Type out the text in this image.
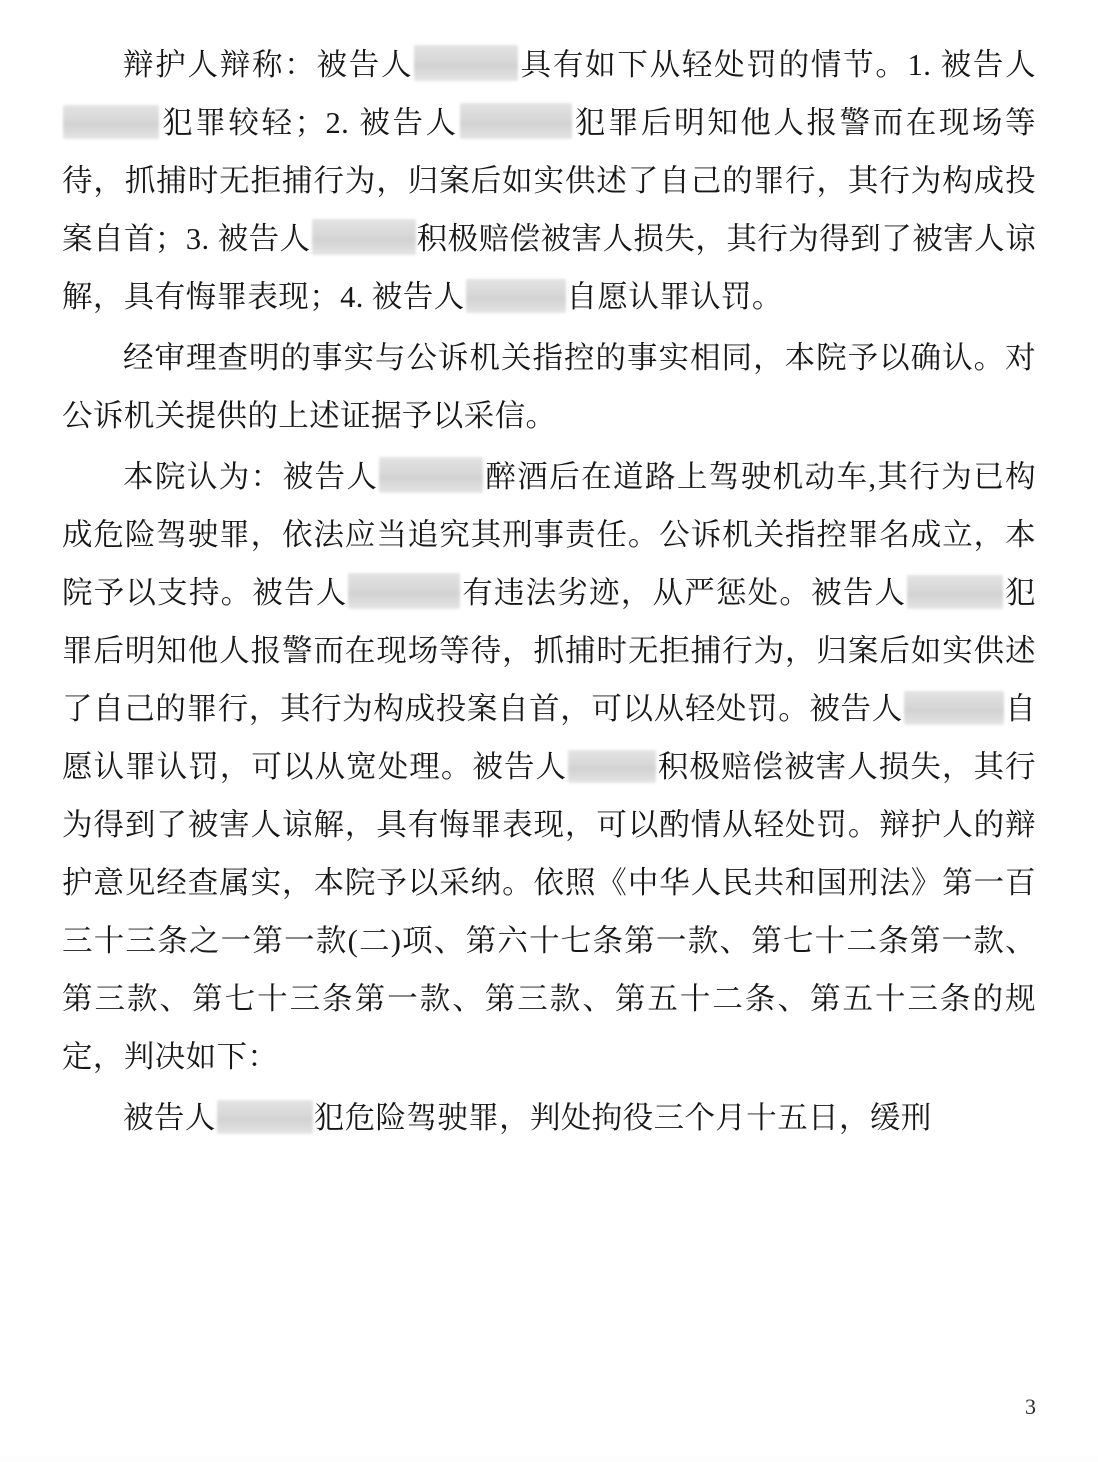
辩护人辩称：被告人	具有如下从轻处罚的情节。1. 被告人犯罪较轻；2. 被告人	犯罪后明知他人报警而在现场等待，抓捕时无拒捕行为，归案后如实供述了自己的罪行，其行为构成投案自首；3. 被告人	积极赔偿被害人损失，其行为得到了被害人谅解，具有悔罪表现；4. 被告人	自愿认罪认罚。

经审理查明的事实与公诉机关指控的事实相同，本院予以确认。对公诉机关提供的上述证据予以采信。

本院认为：被告人	醉酒后在道路上驾驶机动车,其行为已构成危险驾驶罪，依法应当追究其刑事责任。公诉机关指控罪名成立，本院予以支持。被告人	有违法劣迹，从严惩处。被告人	犯罪后明知他人报警而在现场等待，抓捕时无拒捕行为，归案后如实供述了自己的罪行，其行为构成投案自首，可以从轻处罚。被告人	自愿认罪认罚，可以从宽处理。被告人	积极赔偿被害人损失，其行为得到了被害人谅解，具有悔罪表现，可以酌情从轻处罚。辩护人的辩护意见经查属实，本院予以采纳。依照《中华人民共和国刑法》第一百三十三条之一第一款(二)项、第六十七条第一款、第七十二条第一款、第三款、第七十三条第一款、第三款、第五十二条、第五十三条的规定，判决如下：

被告人	犯危险驾驶罪，判处拘役三个月十五日，缓刑

3
